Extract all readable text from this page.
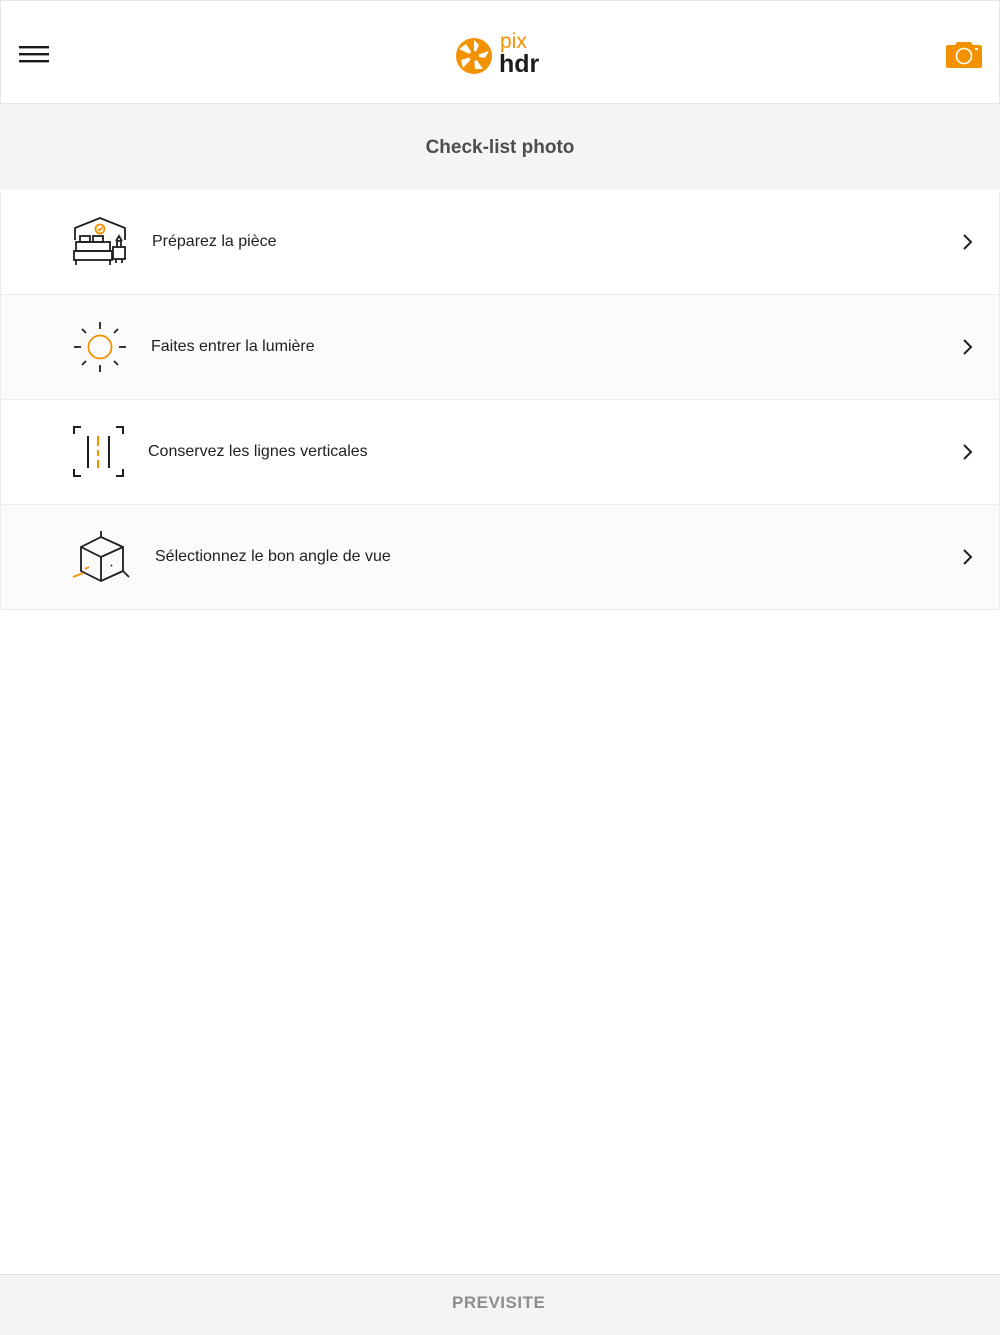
pix
hdr
Check-list photo
Préparez la pièce
Faites entrer la lumière
Conservez les lignes verticales
Sélectionnez le bon angle de vue
PREVISITE
